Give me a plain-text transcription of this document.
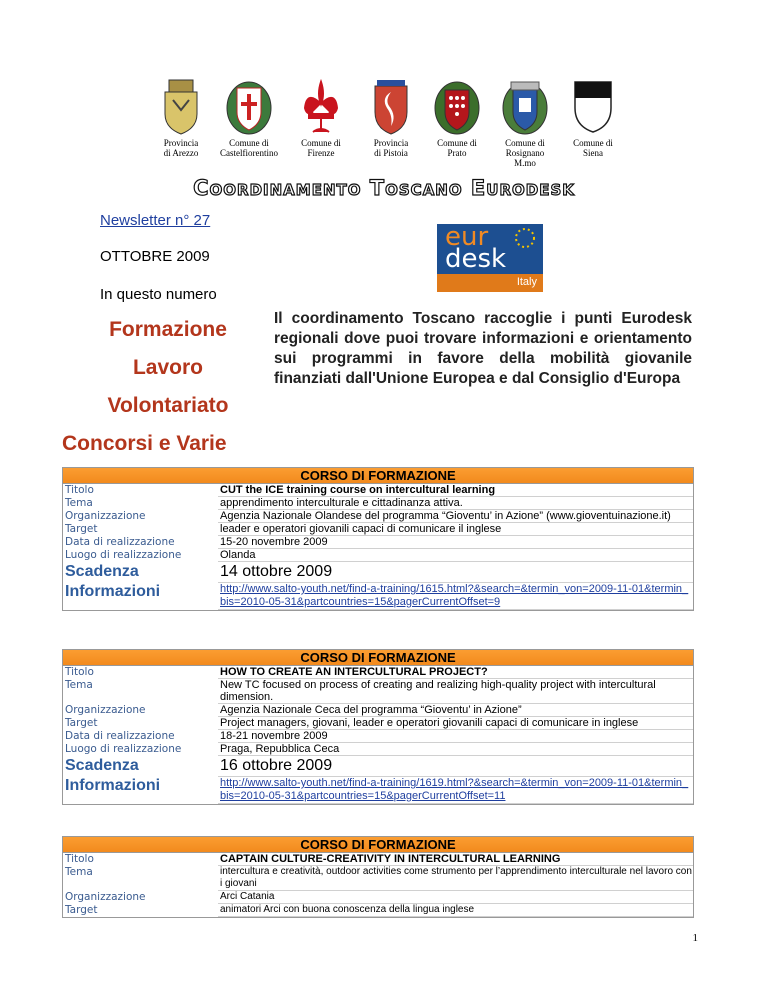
Provincia
di Arezzo
Comune di
Castelfiorentino
Comune di
Firenze
Provincia
di Pistoia
Comune di
Prato
Comune di
Rosignano M.mo
Comune di
Siena
Coordinamento Toscano Eurodesk
Newsletter n° 27
OTTOBRE 2009
In questo numero
eur
desk
Italy
Formazione
Lavoro
Volontariato
Concorsi e Varie
Il coordinamento Toscano raccoglie i punti Eurodesk regionali dove puoi trovare informazioni e orientamento sui programmi in favore della mobilità giovanile finanziati dall'Unione Europea e dal Consiglio d'Europa
CORSO DI FORMAZIONE
Titolo	CUT the ICE training course on intercultural learning
Tema	apprendimento interculturale e cittadinanza attiva.
Organizzazione	Agenzia Nazionale Olandese del programma “Gioventu’ in Azione” (www.gioventuinazione.it)
Target	leader e operatori giovanili capaci di comunicare il inglese
Data di realizzazione	15-20 novembre 2009
Luogo di realizzazione	Olanda
Scadenza	14 ottobre 2009
Informazioni	http://www.salto-youth.net/find-a-training/1615.html?&search=&termin_von=2009-11-01&termin_bis=2010-05-31&partcountries=15&pagerCurrentOffset=9
CORSO DI FORMAZIONE
Titolo	HOW TO CREATE AN INTERCULTURAL PROJECT?
Tema	New TC focused on process of creating and realizing high-quality project with intercultural dimension.
Organizzazione	Agenzia Nazionale Ceca del programma “Gioventu’ in Azione”
Target	Project managers, giovani, leader e operatori giovanili capaci di comunicare in inglese
Data di realizzazione	18-21 novembre 2009
Luogo di realizzazione	Praga, Repubblica Ceca
Scadenza	16 ottobre 2009
Informazioni	http://www.salto-youth.net/find-a-training/1619.html?&search=&termin_von=2009-11-01&termin_bis=2010-05-31&partcountries=15&pagerCurrentOffset=11
CORSO DI FORMAZIONE
Titolo	CAPTAIN CULTURE-CREATIVITY IN INTERCULTURAL LEARNING
Tema	intercultura e creatività, outdoor activities come strumento per l’apprendimento interculturale nel lavoro con i giovani
Organizzazione	Arci Catania
Target	animatori Arci con buona conoscenza della lingua inglese
1
